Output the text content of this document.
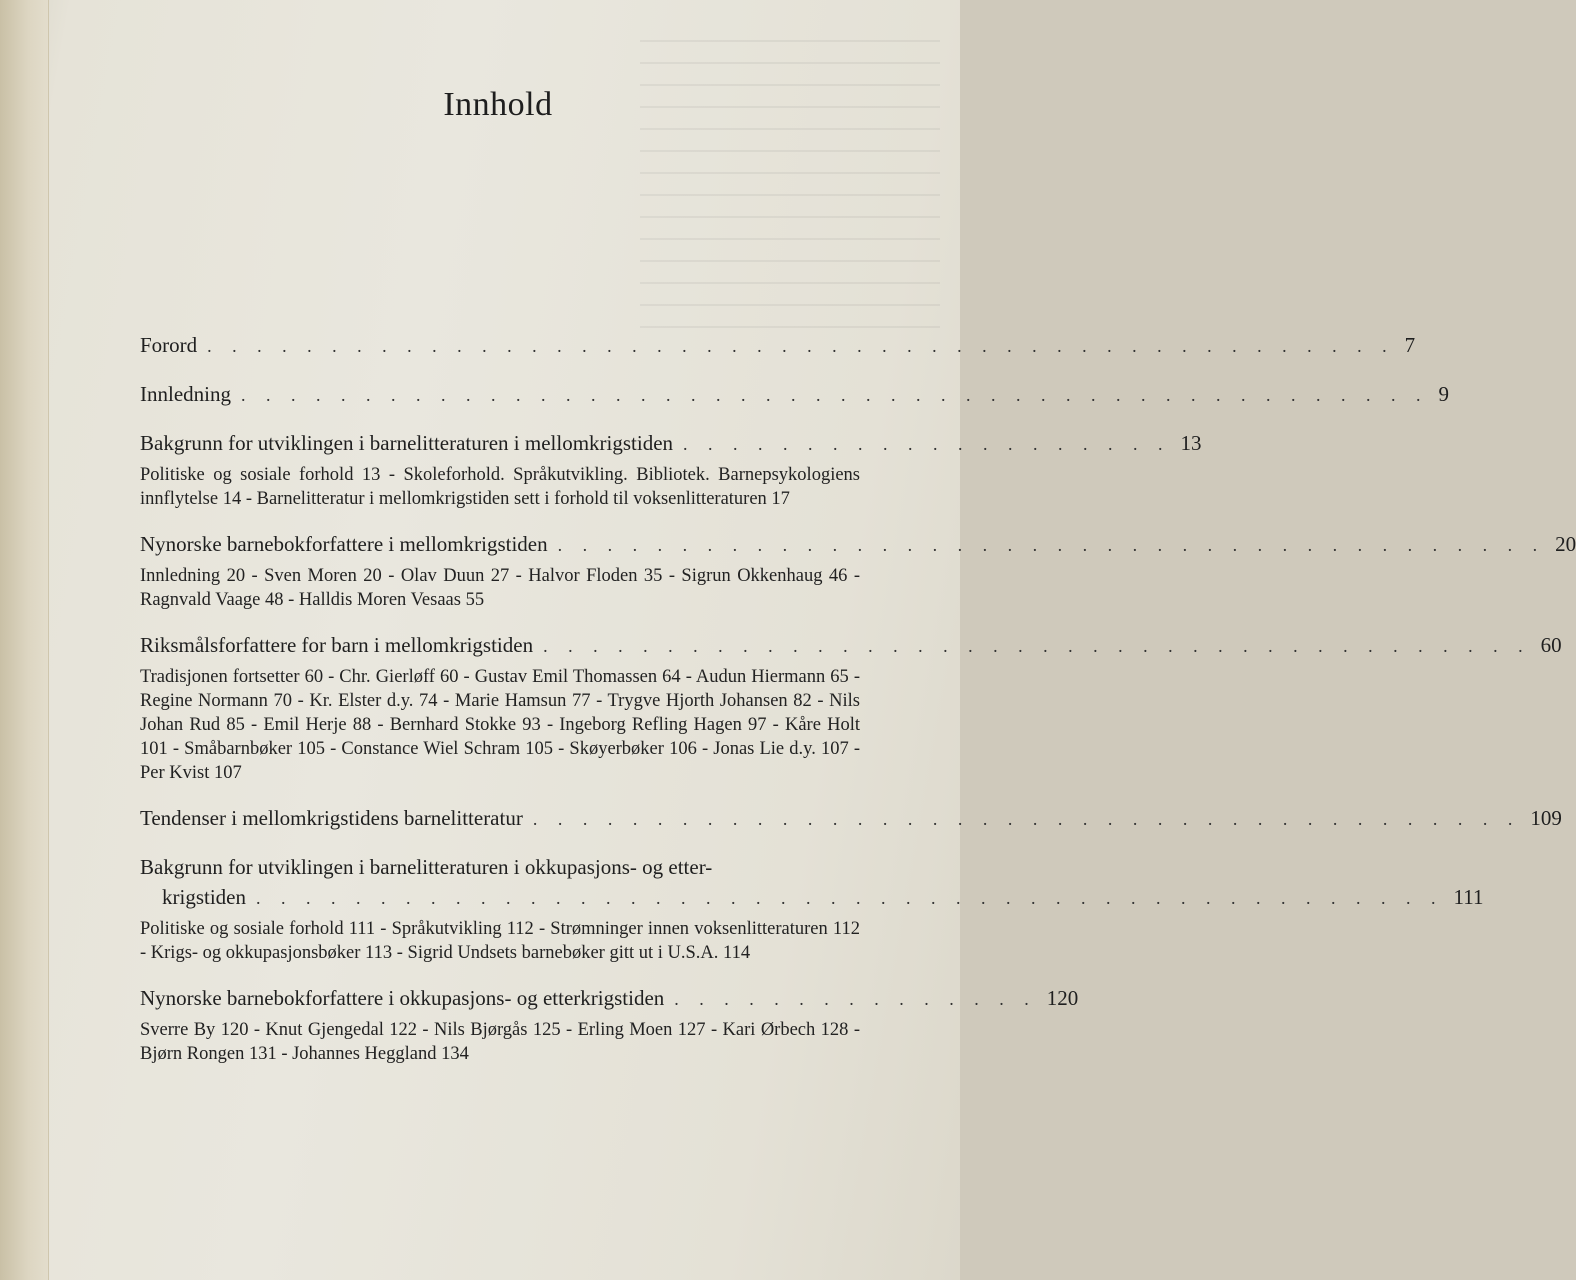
Innhold
Forord . . . . . . . . . . . . . . . . . . . . . . . . . . . . . . . . . . . . . . . . . . . . . . . . 7
Innledning . . . . . . . . . . . . . . . . . . . . . . . . . . . . . . . . . . . . . . . . . . . . . . . . 9
Bakgrunn for utviklingen i barnelitteraturen i mellomkrigstiden . . . . . . . . . . . . . . . . . . . . 13
Politiske og sosiale forhold 13 - Skoleforhold. Språkutvikling. Bibliotek. Barnepsykologiens innflytelse 14 - Barnelitteratur i mellomkrigstiden sett i forhold til voksenlitteraturen 17
Nynorske barnebokforfattere i mellomkrigstiden . . . . . . . . . . . . . . . . . . . . . . . . . . . . . . . . . . . . . . . . 20
Innledning 20 - Sven Moren 20 - Olav Duun 27 - Halvor Floden 35 - Sigrun Okkenhaug 46 - Ragnvald Vaage 48 - Halldis Moren Vesaas 55
Riksmålsforfattere for barn i mellomkrigstiden . . . . . . . . . . . . . . . . . . . . . . . . . . . . . . . . . . . . . . . . 60
Tradisjonen fortsetter 60 - Chr. Gierløff 60 - Gustav Emil Thomassen 64 - Audun Hiermann 65 - Regine Normann 70 - Kr. Elster d.y. 74 - Marie Hamsun 77 - Trygve Hjorth Johansen 82 - Nils Johan Rud 85 - Emil Herje 88 - Bernhard Stokke 93 - Ingeborg Refling Hagen 97 - Kåre Holt 101 - Småbarnbøker 105 - Constance Wiel Schram 105 - Skøyerbøker 106 - Jonas Lie d.y. 107 - Per Kvist 107
Tendenser i mellomkrigstidens barnelitteratur . . . . . . . . . . . . . . . . . . . . . . . . . . . . . . . . . . . . . . . . 109
Bakgrunn for utviklingen i barnelitteraturen i okkupasjons- og etter-
krigstiden . . . . . . . . . . . . . . . . . . . . . . . . . . . . . . . . . . . . . . . . . . . . . . . . 111
Politiske og sosiale forhold 111 - Språkutvikling 112 - Strømninger innen voksenlitteraturen 112 - Krigs- og okkupasjonsbøker 113 - Sigrid Undsets barnebøker gitt ut i U.S.A. 114
Nynorske barnebokforfattere i okkupasjons- og etterkrigstiden . . . . . . . . . . . . . . . 120
Sverre By 120 - Knut Gjengedal 122 - Nils Bjørgås 125 - Erling Moen 127 - Kari Ørbech 128 - Bjørn Rongen 131 - Johannes Heggland 134
